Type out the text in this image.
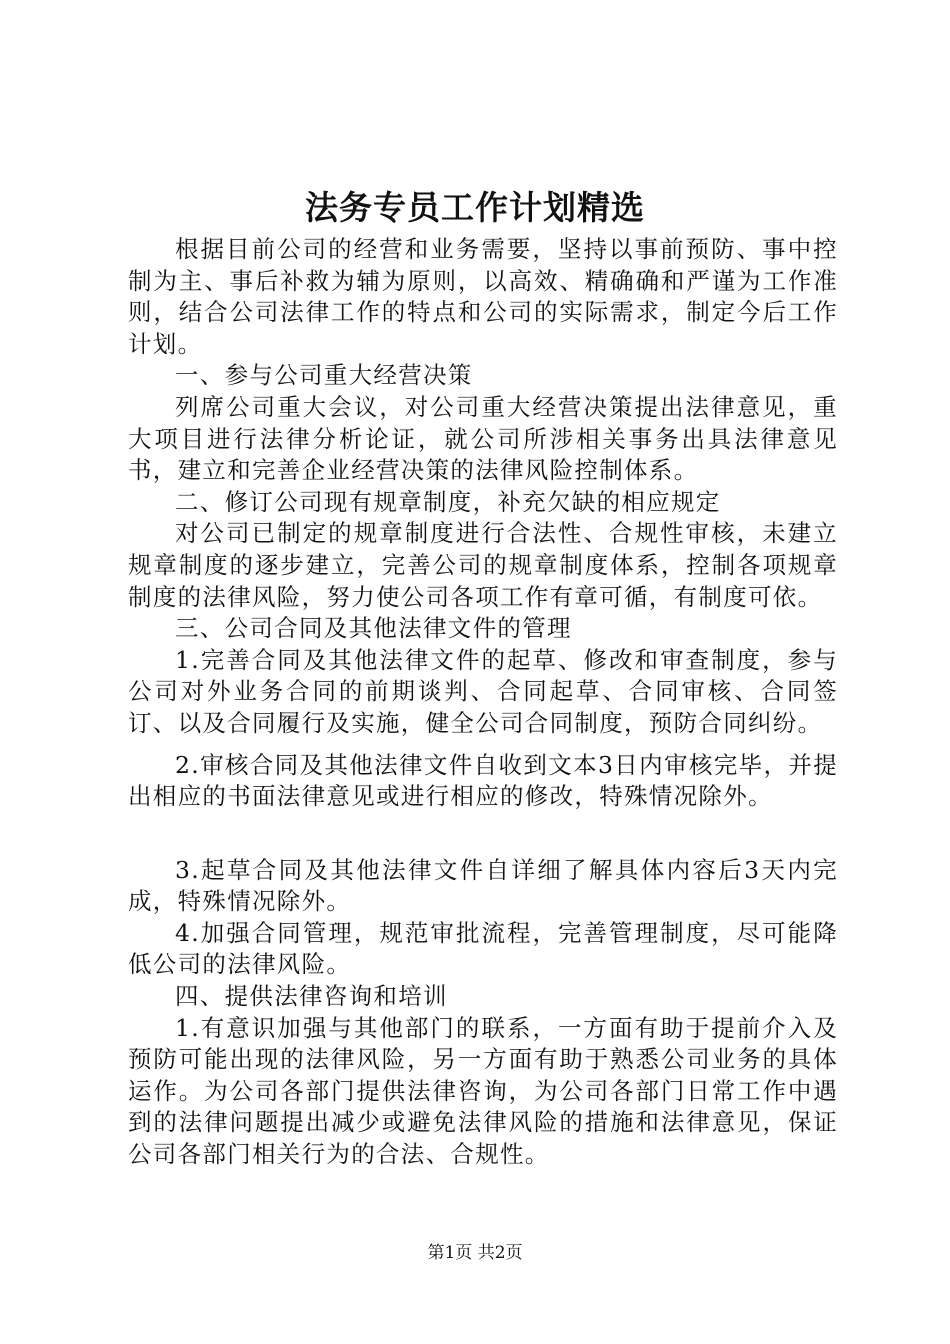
法务专员工作计划精选

根据目前公司的经营和业务需要，坚持以事前预防、事中控制为主、事后补救为辅为原则，以高效、精确确和严谨为工作准则，结合公司法律工作的特点和公司的实际需求，制定今后工作计划。

一、参与公司重大经营决策

列席公司重大会议，对公司重大经营决策提出法律意见，重大项目进行法律分析论证，就公司所涉相关事务出具法律意见书，建立和完善企业经营决策的法律风险控制体系。

二、修订公司现有规章制度，补充欠缺的相应规定

对公司已制定的规章制度进行合法性、合规性审核，未建立规章制度的逐步建立，完善公司的规章制度体系，控制各项规章制度的法律风险，努力使公司各项工作有章可循，有制度可依。

三、公司合同及其他法律文件的管理

1.完善合同及其他法律文件的起草、修改和审查制度，参与公司对外业务合同的前期谈判、合同起草、合同审核、合同签订、以及合同履行及实施，健全公司合同制度，预防合同纠纷。

2.审核合同及其他法律文件自收到文本3日内审核完毕，并提出相应的书面法律意见或进行相应的修改，特殊情况除外。

3.起草合同及其他法律文件自详细了解具体内容后3天内完成，特殊情况除外。

4.加强合同管理，规范审批流程，完善管理制度，尽可能降低公司的法律风险。

四、提供法律咨询和培训

1.有意识加强与其他部门的联系，一方面有助于提前介入及预防可能出现的法律风险，另一方面有助于熟悉公司业务的具体运作。为公司各部门提供法律咨询，为公司各部门日常工作中遇到的法律问题提出减少或避免法律风险的措施和法律意见，保证公司各部门相关行为的合法、合规性。

第1页 共2页
